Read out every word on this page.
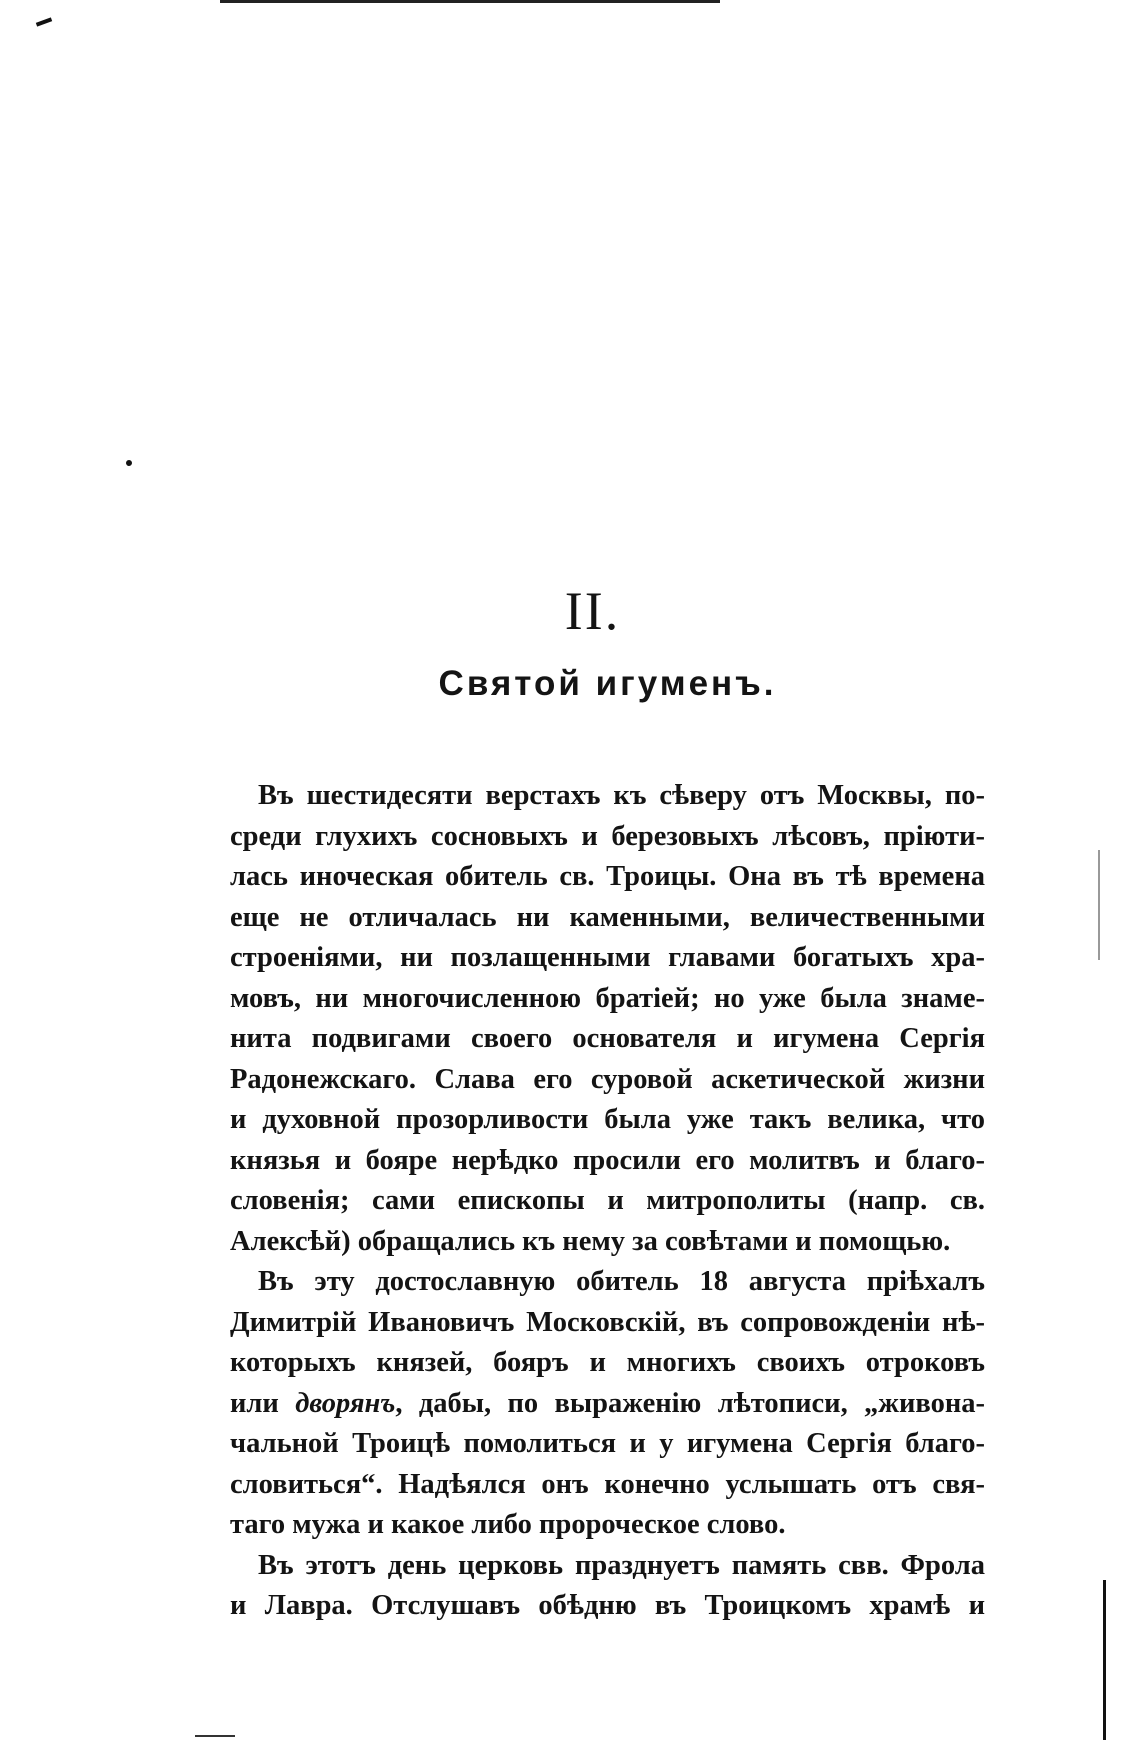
II.
Святой игуменъ.
Въ шестидесяти верстахъ къ сѣверу отъ Москвы, по-
среди глухихъ сосновыхъ и березовыхъ лѣсовъ, пріюти-
лась иноческая обитель св. Троицы. Она въ тѣ времена
еще не отличалась ни каменными, величественными
строеніями, ни позлащенными главами богатыхъ хра-
мовъ, ни многочисленною братіей; но уже была знаме-
нита подвигами своего основателя и игумена Сергія
Радонежскаго. Слава его суровой аскетической жизни
и духовной прозорливости была уже такъ велика, что
князья и бояре нерѣдко просили его молитвъ и благо-
словенія; сами епископы и митрополиты (напр. св.
Алексѣй) обращались къ нему за совѣтами и помощью.
Въ эту достославную обитель 18 августа пріѣхалъ
Димитрій Ивановичъ Московскій, въ сопровожденіи нѣ-
которыхъ князей, бояръ и многихъ своихъ отроковъ
или дворянъ, дабы, по выраженію лѣтописи, „живона-
чальной Троицѣ помолиться и у игумена Сергія благо-
словиться“. Надѣялся онъ конечно услышать отъ свя-
таго мужа и какое либо пророческое слово.
Въ этотъ день церковь празднуетъ память свв. Фрола
и Лавра. Отслушавъ обѣдню въ Троицкомъ храмѣ и
